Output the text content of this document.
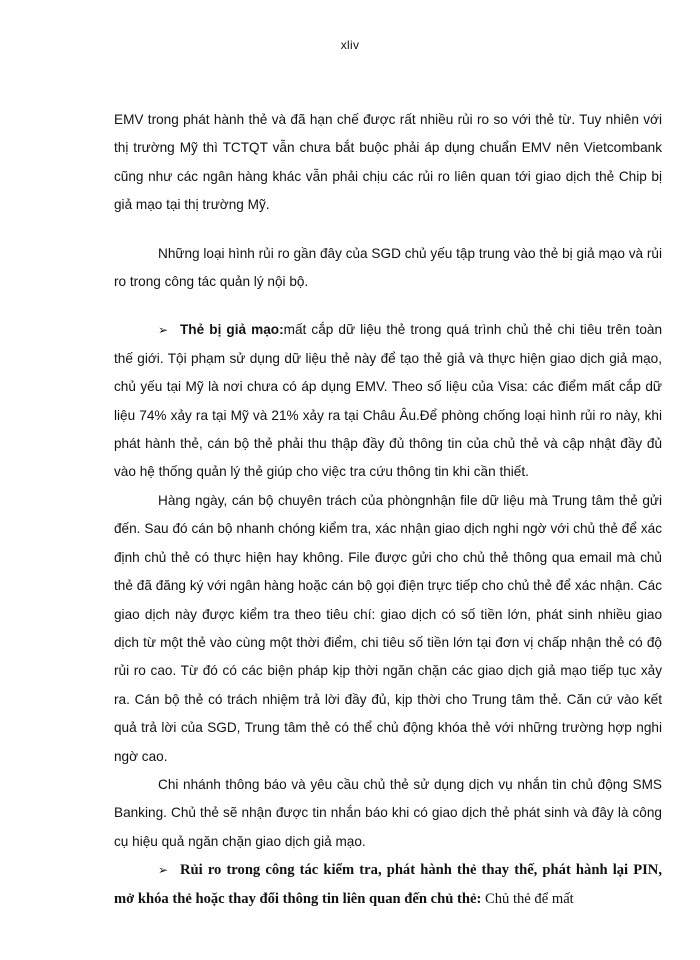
xliv

EMV trong phát hành thẻ và đã hạn chế được rất nhiều rủi ro so với thẻ từ. Tuy nhiên với thị trường Mỹ thì TCTQT vẫn chưa bắt buộc phải áp dụng chuẩn EMV nên Vietcombank cũng như các ngân hàng khác vẫn phải chịu các rủi ro liên quan tới giao dịch thẻ Chip bị giả mạo tại thị trường Mỹ.

Những loại hình rủi ro gần đây của SGD chủ yếu tập trung vào thẻ bị giả mạo và rủi ro trong công tác quản lý nội bộ.

➢ Thẻ bị giả mạo:mất cắp dữ liệu thẻ trong quá trình chủ thẻ chi tiêu trên toàn thế giới. Tội phạm sử dụng dữ liệu thẻ này để tạo thẻ giả và thực hiện giao dịch giả mạo, chủ yếu tại Mỹ là nơi chưa có áp dụng EMV. Theo số liệu của Visa: các điểm mất cắp dữ liệu 74% xảy ra tại Mỹ và 21% xảy ra tại Châu Âu.Để phòng chống loại hình rủi ro này, khi phát hành thẻ, cán bộ thẻ phải thu thập đầy đủ thông tin của chủ thẻ và cập nhật đầy đủ vào hệ thống quản lý thẻ giúp cho việc tra cứu thông tin khi cần thiết.

Hàng ngày, cán bộ chuyên trách của phòngnhận file dữ liệu mà Trung tâm thẻ gửi đến. Sau đó cán bộ nhanh chóng kiểm tra, xác nhận giao dịch nghi ngờ với chủ thẻ để xác định chủ thẻ có thực hiện hay không. File được gửi cho chủ thẻ thông qua email mà chủ thẻ đã đăng ký với ngân hàng hoặc cán bộ gọi điện trực tiếp cho chủ thẻ để xác nhận. Các giao dịch này được kiểm tra theo tiêu chí: giao dịch có số tiền lớn, phát sinh nhiều giao dịch từ một thẻ vào cùng một thời điểm, chi tiêu số tiền lớn tại đơn vị chấp nhận thẻ có độ rủi ro cao. Từ đó có các biện pháp kịp thời ngăn chặn các giao dịch giả mạo tiếp tục xảy ra. Cán bộ thẻ có trách nhiệm trả lời đầy đủ, kịp thời cho Trung tâm thẻ. Căn cứ vào kết quả trả lời của SGD, Trung tâm thẻ có thể chủ động khóa thẻ với những trường hợp nghi ngờ cao.

Chi nhánh thông báo và yêu cầu chủ thẻ sử dụng dịch vụ nhắn tin chủ động SMS Banking. Chủ thẻ sẽ nhận được tin nhắn báo khi có giao dịch thẻ phát sinh và đây là công cụ hiệu quả ngăn chặn giao dịch giả mạo.

➢ Rủi ro trong công tác kiểm tra, phát hành thẻ thay thế, phát hành lại PIN, mở khóa thẻ hoặc thay đổi thông tin liên quan đến chủ thẻ: Chủ thẻ để mất
